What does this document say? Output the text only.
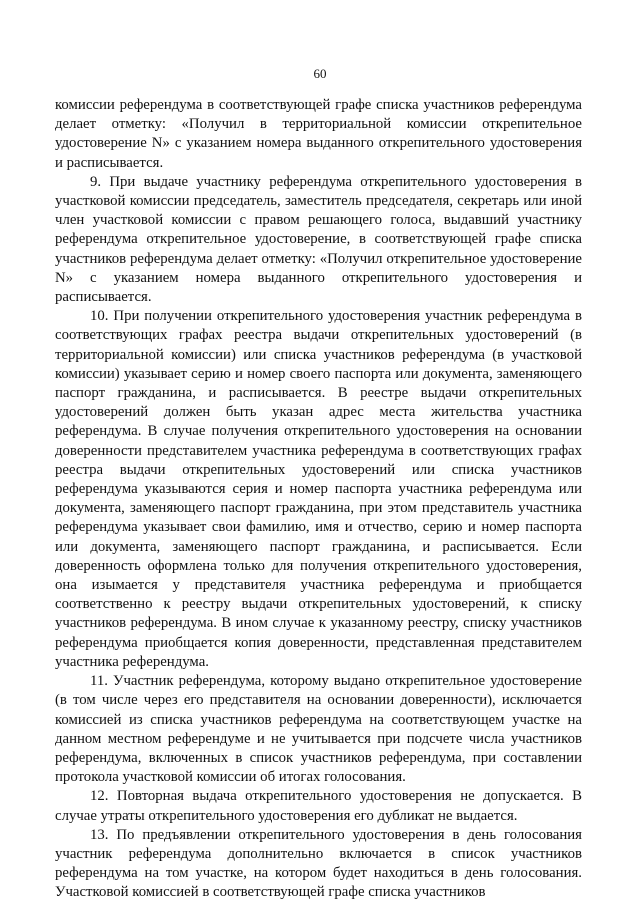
60

комиссии референдума в соответствующей графе списка участников референдума делает отметку: «Получил в территориальной комиссии открепительное удостоверение N» с указанием номера выданного открепительного удостоверения и расписывается.

9. При выдаче участнику референдума открепительного удостоверения в участковой комиссии председатель, заместитель председателя, секретарь или иной член участковой комиссии с правом решающего голоса, выдавший участнику референдума открепительное удостоверение, в соответствующей графе списка участников референдума делает отметку: «Получил открепительное удостоверение N» с указанием номера выданного открепительного удостоверения и расписывается.

10. При получении открепительного удостоверения участник референдума в соответствующих графах реестра выдачи открепительных удостоверений (в территориальной комиссии) или списка участников референдума (в участковой комиссии) указывает серию и номер своего паспорта или документа, заменяющего паспорт гражданина, и расписывается. В реестре выдачи открепительных удостоверений должен быть указан адрес места жительства участника референдума. В случае получения открепительного удостоверения на основании доверенности представителем участника референдума в соответствующих графах реестра выдачи открепительных удостоверений или списка участников референдума указываются серия и номер паспорта участника референдума или документа, заменяющего паспорт гражданина, при этом представитель участника референдума указывает свои фамилию, имя и отчество, серию и номер паспорта или документа, заменяющего паспорт гражданина, и расписывается. Если доверенность оформлена только для получения открепительного удостоверения, она изымается у представителя участника референдума и приобщается соответственно к реестру выдачи открепительных удостоверений, к списку участников референдума. В ином случае к указанному реестру, списку участников референдума приобщается копия доверенности, представленная представителем участника референдума.

11. Участник референдума, которому выдано открепительное удостоверение (в том числе через его представителя на основании доверенности), исключается комиссией из списка участников референдума на соответствующем участке на данном местном референдуме и не учитывается при подсчете числа участников референдума, включенных в список участников референдума, при составлении протокола участковой комиссии об итогах голосования.

12. Повторная выдача открепительного удостоверения не допускается. В случае утраты открепительного удостоверения его дубликат не выдается.

13. По предъявлении открепительного удостоверения в день голосования участник референдума дополнительно включается в список участников референдума на том участке, на котором будет находиться в день голосования. Участковой комиссией в соответствующей графе списка участников
